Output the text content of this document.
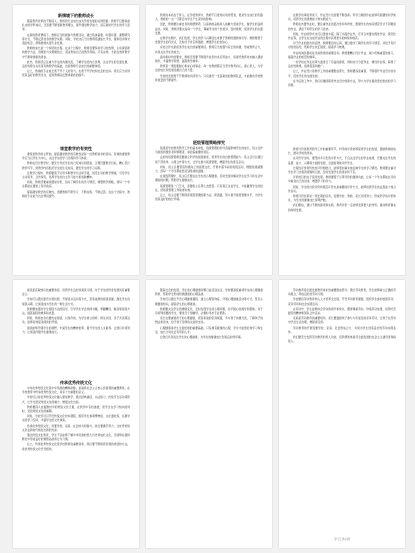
新情境下的教师成长
随着教育改革的不断深入，教师的专业成长成为学校发展的关键因素。教师不仅要具备扎实的学科知识，还需要不断更新教育理念，提升课堂教学能力，适应新时代学生的学习需求。
在新的教育情境下，教师应当积极参与教研活动，通过集体备课、听课评课、课题研究等方式，不断反思自身的教学实践。同时，学校也应当为教师搭建成长平台，提供培训和交流的机会，帮助教师实现专业发展。
教师的成长是一个持续的过程。在这个过程中，教师需要保持学习的热情，主动探索新的教学方法，将理论与实践相结合，逐步形成自己的教学风格。只有这样，才能在教育教学中不断取得新的进步。
此外，教师还应注重与学生的沟通交流，了解学生的内心世界，关注学生的全面发展。良好的师生关系是有效教学的基础，也是教师专业成长的重要体现。
总之，教师的专业成长离不开个人的努力，也离不开学校和社会的支持。我们应当共同营造良好的教育生态，促进教师队伍整体素质的提升。
课堂教学的有效性
课堂是教学的主阵地，提高课堂教学的有效性是每一位教师追求的目标。有效的课堂教学应当以学生为中心，关注学生的学习过程和学习体验。
教师在设计教学时，要充分考虑学生的已有知识和经验，合理设置教学目标，精心设计教学环节，使教学内容贴近学生的生活实际，激发学生的学习兴趣。
在教学过程中，教师要善于运用多种教学方法和手段，创设生动的教学情境，引导学生主动思考、合作探究，培养学生的自主学习能力和创新精神。
同时，教师还要重视课堂评价，及时了解学生的学习情况，调整教学策略，使每一个学生都能在课堂上有所收获。
提高课堂教学的有效性，需要教师不断学习、不断实践、不断反思。在这个过程中，教师的专业能力也会得到提升。
教育的本质在于育人。在学校教育中，教师不仅是知识的传授者，更是学生成长的引路人。教师的一言一行都会对学生产生深远的影响。
因此，教师要注重自身的师德修养，以高尚的品格和人格魅力感染学生，做学生的良师益友。同时，教师还要关爱每一个学生，尊重学生的个性差异，因材施教，促进学生的全面发展。
在教学实践中，我们发现，学生的学习兴趣往往来源于教师的激励和引导。教师要善于发现学生的闪光点，及时给予肯定和鼓励，增强学生的自信心。
家校合作也是促进学生成长的重要途径。教师应当加强与家长的沟通，形成教育合力，共同关注学生的成长。
面对新时代的要求，教师还需要不断提升信息技术应用能力，将现代教育技术融入课堂教学，丰富教学资源，提高教学效率。
教育是一项需要耐心和爱心的事业。每一位教师都应当坚守教育初心，潜心育人，为学生的成长和发展贡献自己的力量。
学校的发展离不开教师的共同努力。只有建设一支高素质的教师队伍，才能推动学校教育质量的不断提升。
班级管理策略探究
班级是学校教育教学工作的基本单位，班级管理的好坏直接影响学生的成长。班主任作为班级的组织者和管理者，承担着重要的责任。
良好的班级管理需要建立科学的班级制度，培养学生的自我管理能力。班主任可以通过班干部选举、小组合作等方式，让学生参与班级管理，增强学生的责任意识。
同时，班主任要营造积极向上的班级文化，开展丰富多彩的班级活动，增强班级凝聚力，使每一个学生都能感受到集体的温暖。
在班级管理中，班主任还要关注学生的心理健康，及时发现并解决学生在学习和生活中遇到的问题，帮助学生健康成长。
班级管理是一门艺术，需要班主任用心去经营。只有真正关爱学生，才能赢得学生的信任，使班级管理工作取得实效。
总之，班主任要不断探索班级管理的新方法、新思路，努力提升班级管理水平，为学生创造良好的成长环境。
在教学改革的背景下，作业设计也需要不断创新。科学合理的作业能够巩固课堂所学知识，培养学生的思维能力和实践能力。
教师在布置作业时，要注重作业的层次性和多样性，根据学生的实际情况设计不同难度的作业，满足不同学生的学习需求。
同时，作业的形式也可以更加丰富，除了书面作业外，还可以布置实践性作业、探究性作业等，让学生在完成作业的过程中获得更多的体验和收获。
对于作业的批改和反馈，教师要及时认真，通过批改了解学生的学习情况，并给予有针对性的指导，帮助学生改正错误，提高学习效果。
作业的减负提质是当前教育的重要任务。教师要精心设计作业，减少机械重复的练习，提高作业的质量和效率。
一些学校在作业改革方面进行了有益的探索，例如实行分层作业、弹性作业等，取得了良好的效果，值得借鉴和推广。
总之，作业设计是教学工作的重要组成部分，教师要高度重视，不断提升作业设计的水平，促进学生的全面发展。
在今后的工作中，我们将继续探索作业设计的新方法，努力为学生提供更加优质的学习资源。
教育评价是教育教学工作的重要环节。科学的评价能够促进学生的发展，激励教师的成长，推动学校的进步。
在评价学生时，要坚持多元化的评价方式，不仅关注学生的学业成绩，还要关注学生的品德、能力、兴趣等方面的发展，全面客观地评价学生。
过程性评价和终结性评价相结合，能够更加真实地反映学生的学习情况。教师要注重对学生学习过程的观察和记录，及时发现学生的进步和不足。
评价的目的在于促进发展。教师要善于运用评价的激励功能，让每一个学生都能在评价中看到自己的进步，增强学习的动力。
同时，学生的自我评价和相互评价也是重要的评价方式，能够培养学生的反思能力和合作意识。
教育评价改革是一项长期的任务，需要学校、教师、家长共同努力，形成科学的评价体系，为学生的健康成长保驾护航。
我们相信，通过不断的探索和实践，教育评价一定能够发挥更大的作用，推动教育事业的持续发展。
阅读是获取知识的重要途径。培养学生良好的阅读习惯，对于学生的终身发展具有重要意义。
学校可以通过建设书香校园、开展读书活动等方式，营造浓厚的阅读氛围，激发学生的阅读兴趣，让阅读成为学生的一种生活方式。
教师要加强对学生阅读方法的指导，引导学生学会选择书籍，掌握精读、略读等阅读方法，提高阅读的效率和质量。
同时，教师自身也要热爱阅读，以身作则，为学生树立榜样。师生共读、亲子共读等活动，能够有效促进阅读的开展。
阅读能够开阔学生的视野，丰富学生的精神世界，提升学生的人文素养。让我们共同努力，让阅读伴随学生健康成长。
传承优秀传统文化
中华优秀传统文化是中华民族的精神命脉，是涵养社会主义核心价值观的重要源泉。在学校教育中传承优秀传统文化，具有十分重要的意义。
学校可以将优秀传统文化融入课堂教学，通过经典诵读、书法练习、传统节日活动等形式，让学生感受传统文化的魅力，增强文化自信。
教师要深入挖掘教材中的传统文化元素，在教学中有机渗透，使学生在学习知识的同时，受到传统文化的熏陶。
同时，学校还可以开设传统文化校本课程，组织学生参观博物馆、文化遗址等，拓展学生的学习空间，丰富学生的文化体验。
传承优秀传统文化，需要学校、家庭、社会的共同参与。我们要携手努力，让优秀传统文化在新时代焕发出新的光彩。
通过传统文化教育，学生不仅能够了解中华民族的悠久历史和灿烂文化，还能够在潜移默化中形成良好的道德品质和行为习惯。
总之，传承优秀传统文化是学校教育的重要使命，我们要不断探索有效的途径和方法，使优秀传统文化代代相传。
随着社会的发展，学生的心理健康问题日益受到关注。学校要高度重视学生的心理健康教育，帮助学生形成积极健康的心理品质。
学校可以通过开设心理健康课程、建立心理咨询室、开展心理健康活动等方式，普及心理健康知识，提高学生的心理素质。
教师要关注学生的情绪变化，及时发现学生的心理问题，给予耐心的疏导和帮助。对于有特殊需要的学生，要进行个别辅导，必要时寻求专业帮助。
家长也要重视孩子的心理健康，营造和谐的家庭氛围，多与孩子沟通交流，了解孩子的想法和需求，给予孩子足够的关爱和支持。
心理健康是学生全面发展的重要基础。只有拥有健康的心理，学生才能更好地学习和生活，成长为对社会有用的人才。
让我们共同关注学生的心理健康，为学生的健康成长创造良好的环境。
劳动教育是全面发展教育体系的重要组成部分。通过劳动教育，学生能够树立正确的劳动观念，养成良好的劳动习惯。
学校要将劳动教育纳入人才培养全过程，开设劳动教育课程，组织学生参加校园劳动、家务劳动和社会实践活动。
在劳动中，学生能够体会劳动的艰辛和快乐，懂得尊重劳动、珍惜劳动成果，培养吃苦耐劳的精神和团队合作意识。
家庭是劳动教育的重要场所。家长要鼓励孩子参与力所能及的家务劳动，让孩子在劳动中学会生活自理，增强责任感。
劳动教育的开展需要学校、家庭、社会形成合力，共同为学生创造良好的劳动实践条件。
我们要充分发挥劳动教育的育人功能，培养德智体美劳全面发展的社会主义建设者和接班人。
学习工作心得
